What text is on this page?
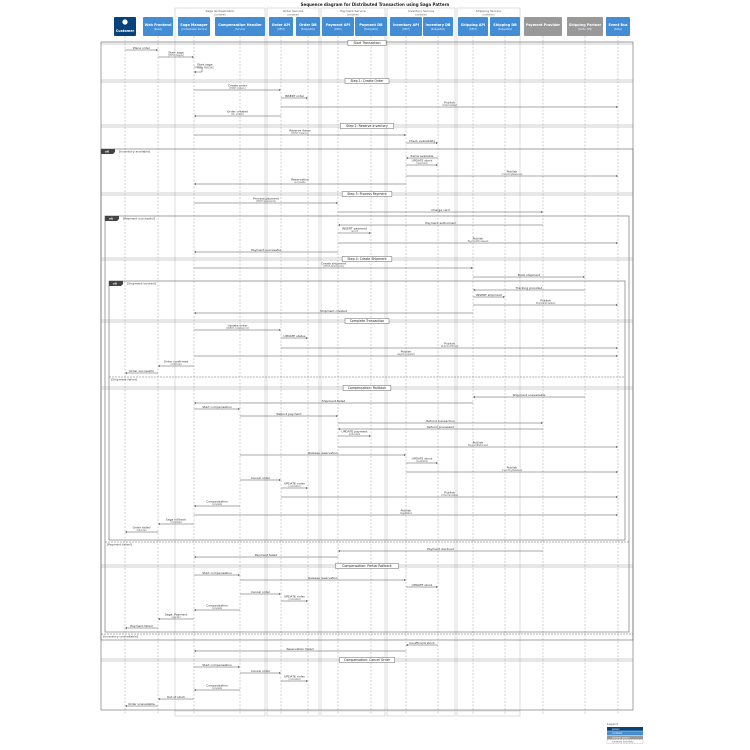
Sequence diagram for Distributed Transaction using Saga Pattern
Saga Orchestration
(container)
Order Service
(container)
Payment Service
(container)
Inventory Service
(container)
Shipping Service
(container)
alt	[Inventory available]
[Inventory unavailable]
alt	[Payment successful]
[Payment failed]
alt	[Shipment booked]
[Shipment failed]
Start Transaction
Step 1: Create Order
Step 2: Reserve Inventory
Step 3: Process Payment
Step 4: Create Shipment
Complete Transaction
Compensation: Rollback
Compensation: Partial Rollback
Compensation: Cancel Order
Place order
Start saga
[POST /sagas]
Start saga
state: PENDING
Create order
[POST /orders]
INSERT order
Publish
OrderCreated
Order created
OK, orderId
Reserve items
[POST /reserve]
Check availability
Items available
UPDATE stock
(reserved)
Publish
InventoryReserved
Reservation
successful
Process payment
[POST /payments]
Charge card
Payment authorized
INSERT payment
record
Publish
PaymentProcessed
Payment successful
Create shipment
[POST /shipments]
Book shipment
Tracking provided
INSERT shipment
Publish
ShipmentCreated
Shipment created
Update order
[PATCH /orders/{id}]
UPDATE status
Publish
OrderConfirmed
Publish
SagaCompleted
Order confirmed
confirmed
Order successful
Shipment unavailable
Shipment failed
Start compensation
Refund payment
Refund transaction
Refund processed
UPDATE payment
(refunded)
Publish
PaymentRefunded
Release reservation
UPDATE stock
(available)
Publish
InventoryReleased
Cancel order
UPDATE order
(cancelled)
Publish
OrderCancelled
Compensation
complete
Publish
SagaFailed
Saga rollback
completed
Order failed
refunded
Payment declined
Payment failed
Start compensation
Release reservation
UPDATE stock
Cancel order
UPDATE order
(cancelled)
Compensation
complete
Saga: Payment
rejected
Payment failed
Insufficient stock
Reservation failed
Start compensation
Cancel order
UPDATE order
(cancelled)
Compensation
complete
Out of stock
Order unavailable
Customer
Web Frontend
[React]
Saga Manager
[Orchestration Service]
Compensation Handler
[Service]
Order API
[REST]
Order DB
[PostgreSQL]
Payment API
[REST]
Payment DB
[PostgreSQL]
Inventory API
[REST]
Inventory DB
[PostgreSQL]
Shipping API
[REST]
Shipping DB
[PostgreSQL]
Payment Provider	Shipping Partner
[FedEx, UPS]
Event Bus
[Kafka]
Legend
person
container
external system
container boundary
